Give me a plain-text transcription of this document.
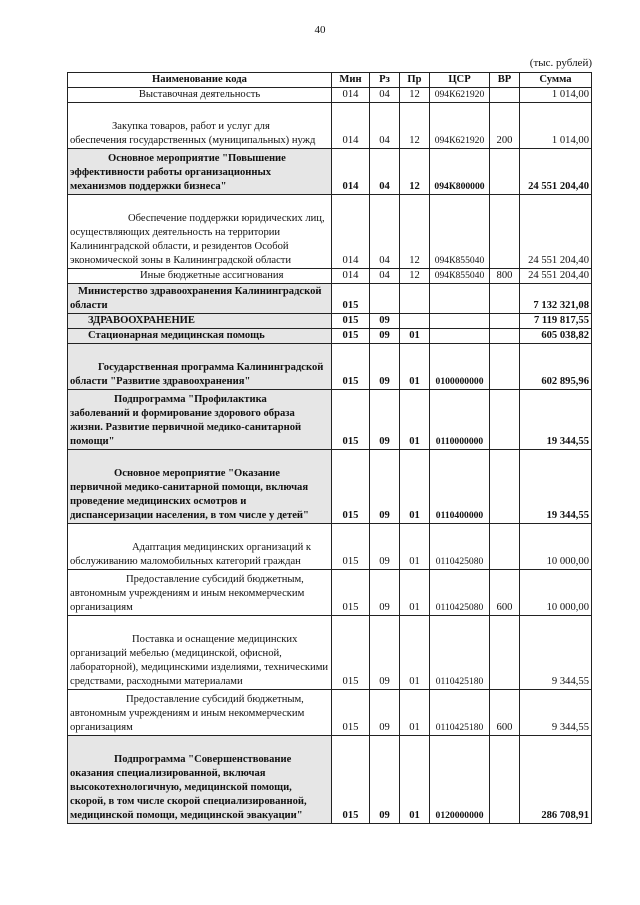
40
(тыс. рублей)
Наименование кода	Мин	Рз	Пр	ЦСР	ВР	Сумма
Выставочная деятельность	014	04	12	094К621920		1 014,00
Закупка товаров, работ и услуг для обеспечения государственных (муниципальных) нужд	014	04	12	094К621920	200	1 014,00
Основное мероприятие "Повышение эффективности работы организационных механизмов поддержки бизнеса"	014	04	12	094К800000		24 551 204,40
Обеспечение поддержки юридических лиц, осуществляющих деятельность на территории Калининградской области, и резидентов Особой экономической зоны в Калининградской области	014	04	12	094К855040		24 551 204,40
Иные бюджетные ассигнования	014	04	12	094К855040	800	24 551 204,40
Министерство здравоохранения Калининградской области	015					7 132 321,08
ЗДРАВООХРАНЕНИЕ	015	09				7 119 817,55
Стационарная медицинская помощь	015	09	01			605 038,82
Государственная программа Калининградской области "Развитие здравоохранения"	015	09	01	0100000000		602 895,96
Подпрограмма "Профилактика заболеваний и формирование здорового образа жизни. Развитие первичной медико-санитарной помощи"	015	09	01	0110000000		19 344,55
Основное мероприятие "Оказание первичной медико-санитарной помощи, включая проведение медицинских осмотров и диспансеризации населения, в том числе у детей"	015	09	01	0110400000		19 344,55
Адаптация медицинских организаций к обслуживанию маломобильных категорий граждан	015	09	01	0110425080		10 000,00
Предоставление субсидий бюджетным, автономным учреждениям и иным некоммерческим организациям	015	09	01	0110425080	600	10 000,00
Поставка и оснащение медицинских организаций мебелью (медицинской, офисной, лабораторной), медицинскими изделиями, техническими средствами, расходными материалами	015	09	01	0110425180		9 344,55
Предоставление субсидий бюджетным, автономным учреждениям и иным некоммерческим организациям	015	09	01	0110425180	600	9 344,55
Подпрограмма "Совершенствование оказания специализированной, включая высокотехнологичную, медицинской помощи, скорой, в том числе скорой специализированной, медицинской помощи, медицинской эвакуации"	015	09	01	0120000000		286 708,91
